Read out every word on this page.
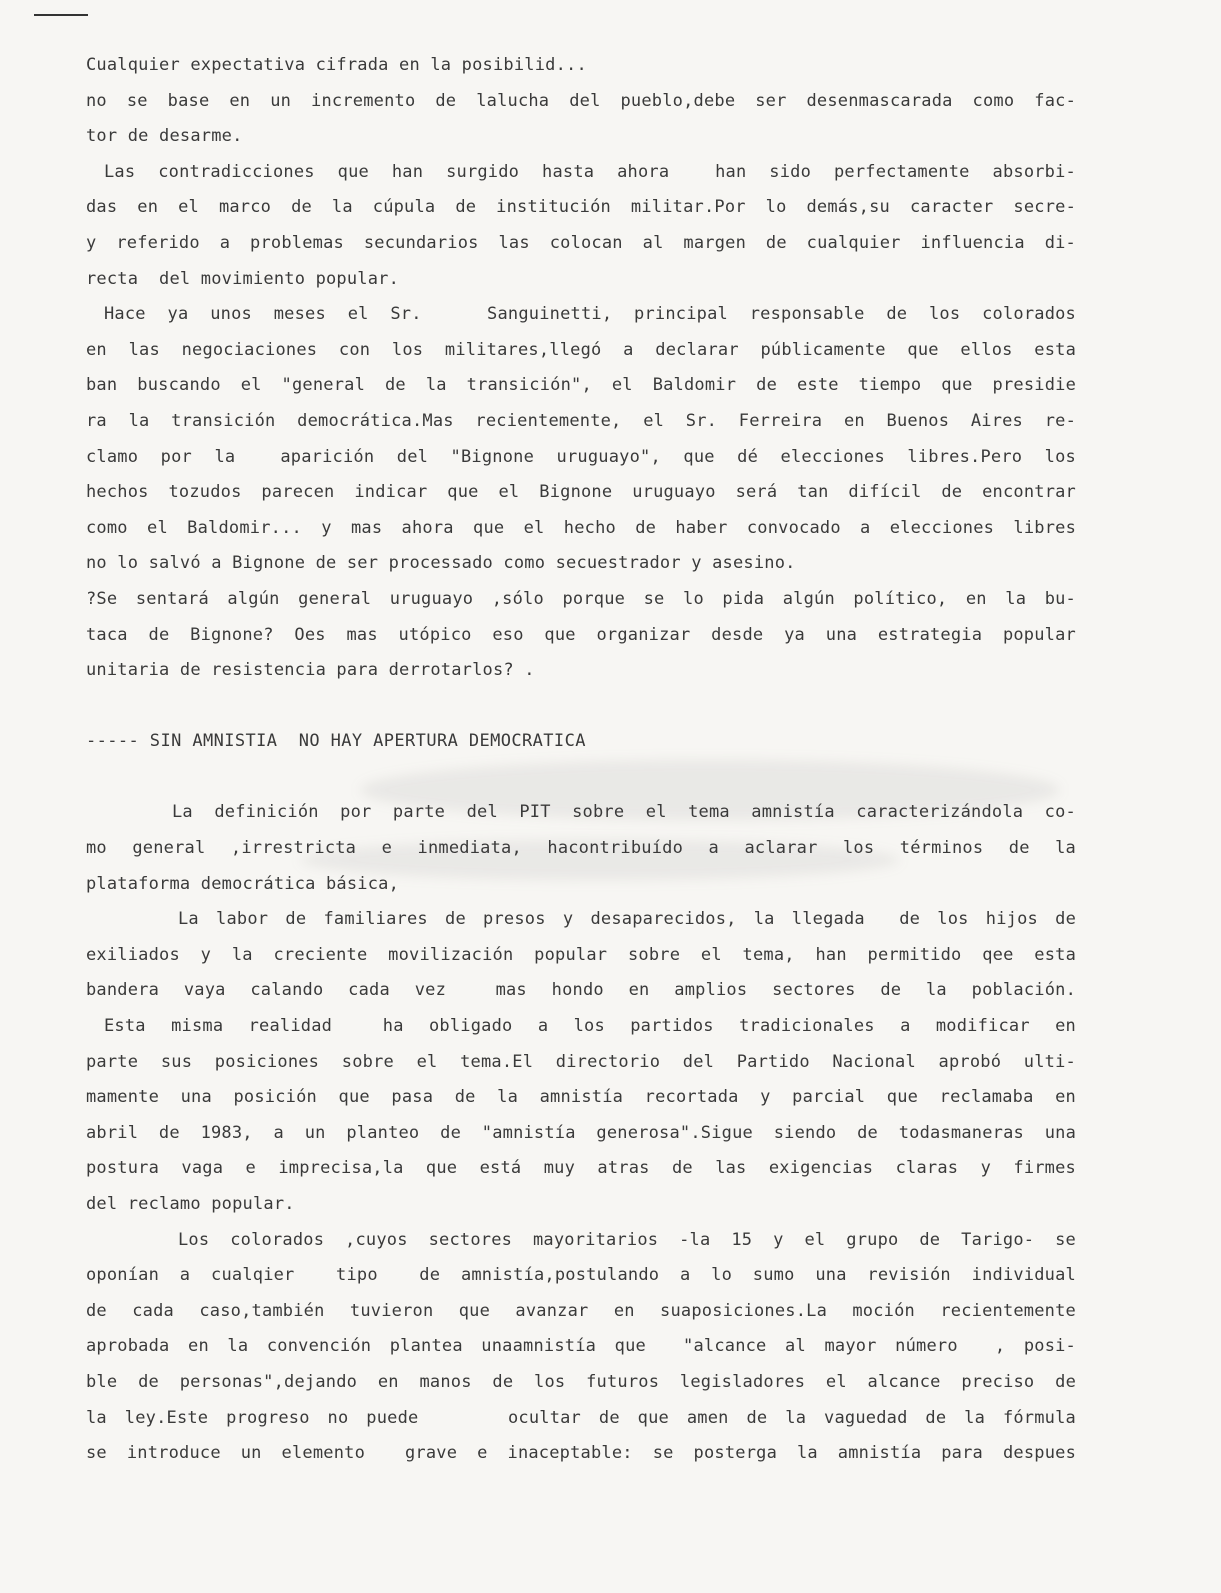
Cualquier expectativa cifrada en la posibilid...
no se base en un incremento de lalucha del pueblo,debe ser desenmascarada como fac-
tor de desarme.
Las contradicciones que han surgido hasta ahora  han sido perfectamente absorbi-
das en el marco de la cúpula de institución militar.Por lo demás,su caracter secre-
y referido a problemas secundarios las colocan al margen de cualquier influencia di-
recta  del movimiento popular.
Hace ya unos meses el Sr.   Sanguinetti, principal responsable de los colorados
en las negociaciones con los militares,llegó a declarar públicamente que ellos esta
ban buscando el "general de la transición", el Baldomir de este tiempo que presidie
ra la transición democrática.Mas recientemente, el Sr. Ferreira en Buenos Aires re-
clamo por la  aparición del "Bignone uruguayo", que dé elecciones libres.Pero los
hechos tozudos parecen indicar que el Bignone uruguayo será tan difícil de encontrar
como el Baldomir... y mas ahora que el hecho de haber convocado a elecciones libres
no lo salvó a Bignone de ser processado como secuestrador y asesino.
?Se sentará algún general uruguayo ,sólo porque se lo pida algún político, en la bu-
taca de Bignone? Oes mas utópico eso que organizar desde ya una estrategia popular
unitaria de resistencia para derrotarlos? .
----- SIN AMNISTIA  NO HAY APERTURA DEMOCRATICA
La definición por parte del PIT sobre el tema amnistía caracterizándola co-
mo general ,irrestricta e inmediata, hacontribuído a aclarar los términos de la
plataforma democrática básica,
La labor de familiares de presos y desaparecidos, la llegada  de los hijos de
exiliados y la creciente movilización popular sobre el tema, han permitido qee esta
bandera vaya calando cada vez  mas hondo en amplios sectores de la población.
Esta misma realidad  ha obligado a los partidos tradicionales a modificar en
parte sus posiciones sobre el tema.El directorio del Partido Nacional aprobó ulti-
mamente una posición que pasa de la amnistía recortada y parcial que reclamaba en
abril de 1983, a un planteo de "amnistía generosa".Sigue siendo de todasmaneras una
postura vaga e imprecisa,la que está muy atras de las exigencias claras y firmes
del reclamo popular.
Los colorados ,cuyos sectores mayoritarios -la 15 y el grupo de Tarigo- se
oponían a cualqier  tipo  de amnistía,postulando a lo sumo una revisión individual
de cada caso,también tuvieron que avanzar en suaposiciones.La moción recientemente
aprobada en la convención plantea unaamnistía que  "alcance al mayor número  , posi-
ble de personas",dejando en manos de los futuros legisladores el alcance preciso de
la ley.Este progreso no puede     ocultar de que amen de la vaguedad de la fórmula
se introduce un elemento  grave e inaceptable: se posterga la amnistía para despues
